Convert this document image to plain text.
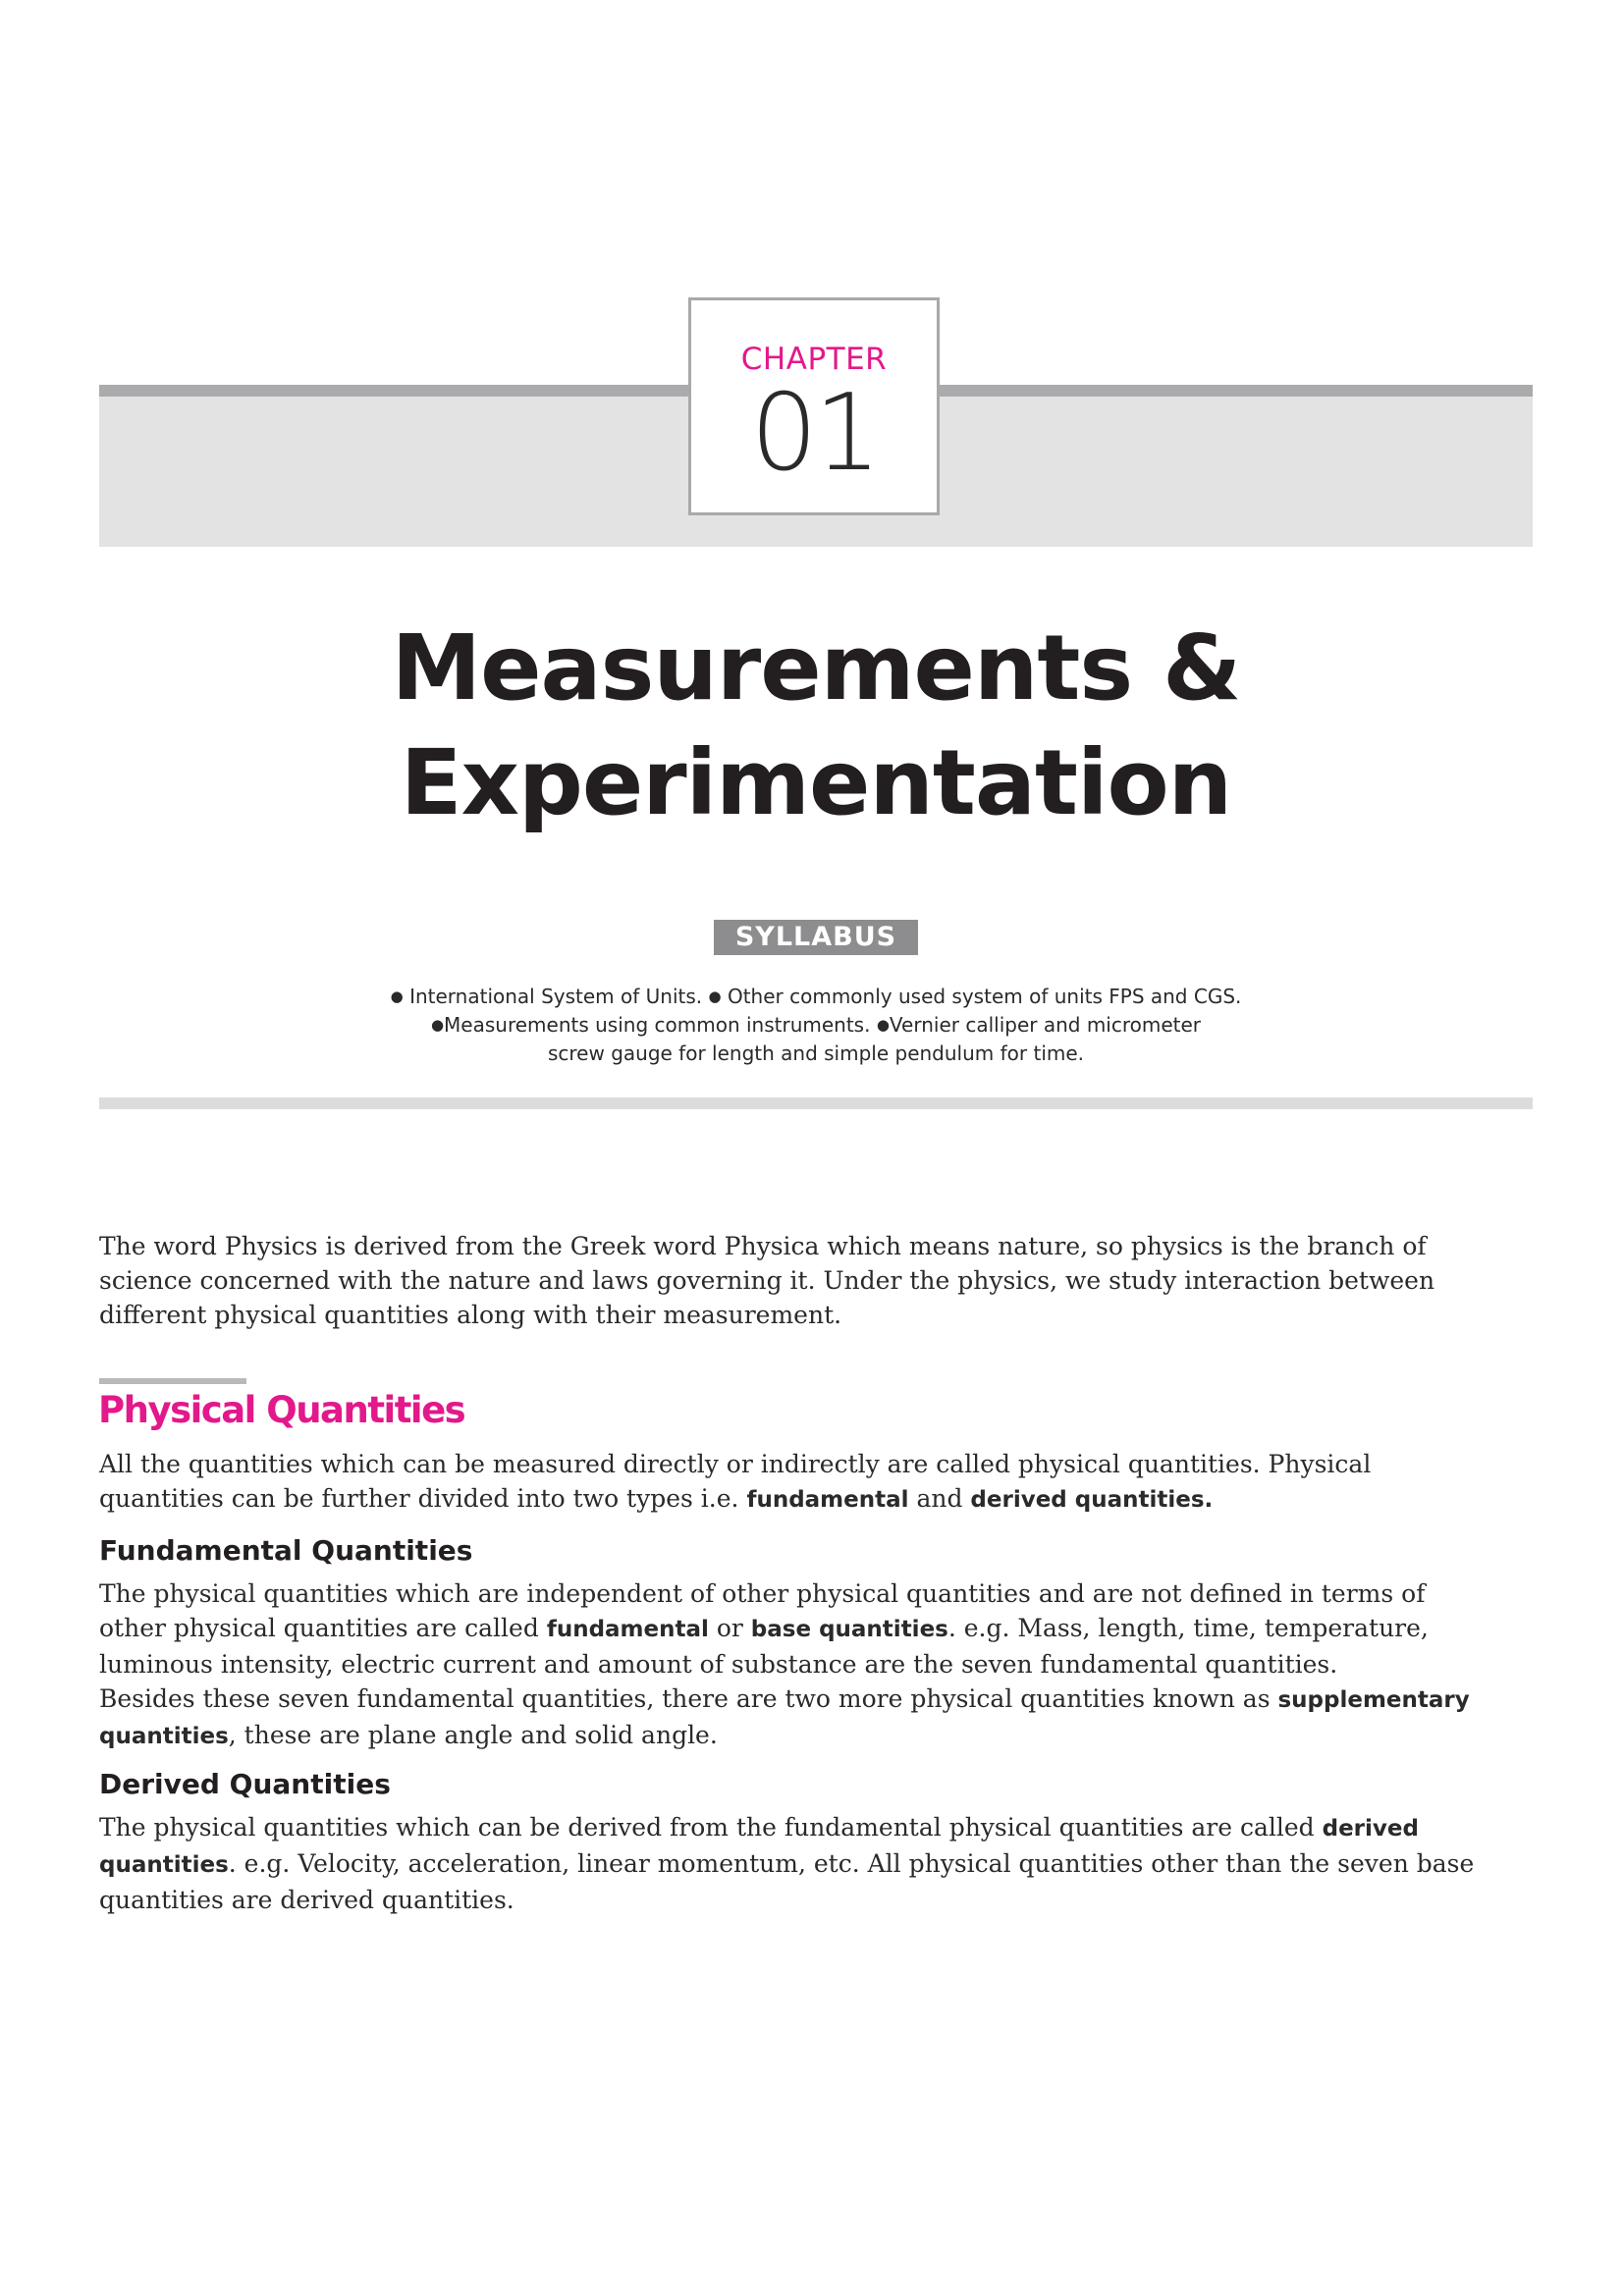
CHAPTER
01
Measurements &
Experimentation
SYLLABUS
● International System of Units. ● Other commonly used system of units FPS and CGS.
●Measurements using common instruments. ●Vernier calliper and micrometer
screw gauge for length and simple pendulum for time.
The word Physics is derived from the Greek word Physica which means nature, so physics is the branch of
science concerned with the nature and laws governing it. Under the physics, we study interaction between
different physical quantities along with their measurement.
Physical Quantities
All the quantities which can be measured directly or indirectly are called physical quantities. Physical
quantities can be further divided into two types i.e. fundamental and derived quantities.
Fundamental Quantities
The physical quantities which are independent of other physical quantities and are not defined in terms of
other physical quantities are called fundamental or base quantities. e.g. Mass, length, time, temperature,
luminous intensity, electric current and amount of substance are the seven fundamental quantities.
Besides these seven fundamental quantities, there are two more physical quantities known as supplementary
quantities, these are plane angle and solid angle.
Derived Quantities
The physical quantities which can be derived from the fundamental physical quantities are called derived
quantities. e.g. Velocity, acceleration, linear momentum, etc. All physical quantities other than the seven base
quantities are derived quantities.
